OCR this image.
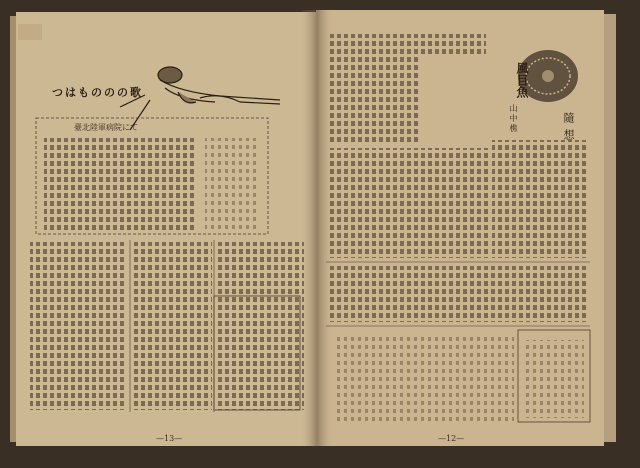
つはもののの歌
臺北陸軍病院にて
—13—
隨想
風目魚
山中樵
—12—
